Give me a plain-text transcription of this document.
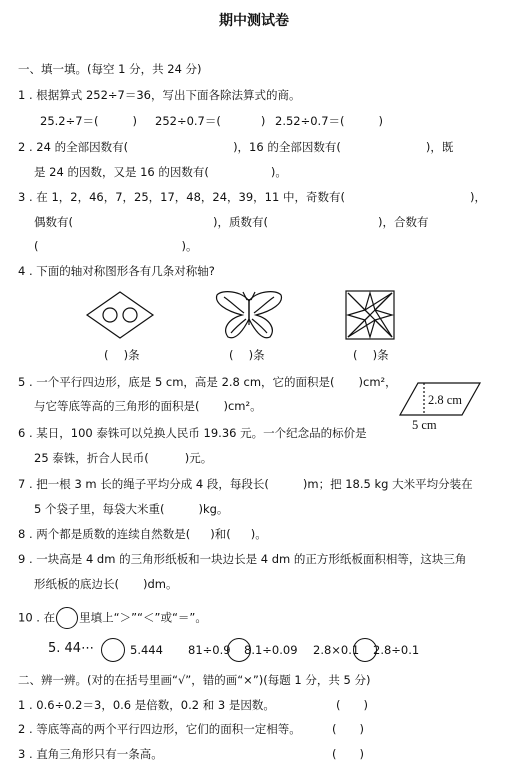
期中测试卷
一、填一填。(每空 1 分，共 24 分)
1 . 根据算式 252÷7＝36，写出下面各除法算式的商。
25.2÷7＝(	) 252÷0.7＝(	) 2.52÷0.7＝(	)
2 . 24 的全部因数有(	)，16 的全部因数有(	)，既
是 24 的因数，又是 16 的因数有(	)。
3 . 在 1，2，46，7，25，17，48，24，39，11 中，奇数有(	)，
偶数有(	)，质数有(	)，合数有
(	)。
4 . 下面的轴对称图形各有几条对称轴?
(　 )条	(　 )条	(　 )条
5 . 一个平行四边形，底是 5 cm，高是 2.8 cm，它的面积是( )cm²，
与它等底等高的三角形的面积是( )cm²。	2.8 cm
5 cm
6 . 某日，100 泰铢可以兑换人民币 19.36 元。一个纪念品的标价是
25 泰铢，折合人民币(	)元。
7 . 把一根 3 m 长的绳子平均分成 4 段，每段长(	)m；把 18.5 kg 大米平均分装在
5 个袋子里，每袋大米重(	)kg。
8 . 两个都是质数的连续自然数是( )和( )。
9 . 一块高是 4 dm 的三角形纸板和一块边长是 4 dm 的正方形纸板面积相等，这块三角
形纸板的底边长( )dm。
10 . 在 里填上“＞”“＜”或“＝”。
5. 44⋯	5.444 81÷0.9 8.1÷0.09 2.8×0.1 2.8÷0.1
二、辨一辨。(对的在括号里画“√”，错的画“×”)(每题 1 分，共 5 分)
1 . 0.6÷0.2＝3，0.6 是倍数，0.2 和 3 是因数。	(　　)
2 . 等底等高的两个平行四边形，它们的面积一定相等。	(　　)
3 . 直角三角形只有一条高。	(　　)
